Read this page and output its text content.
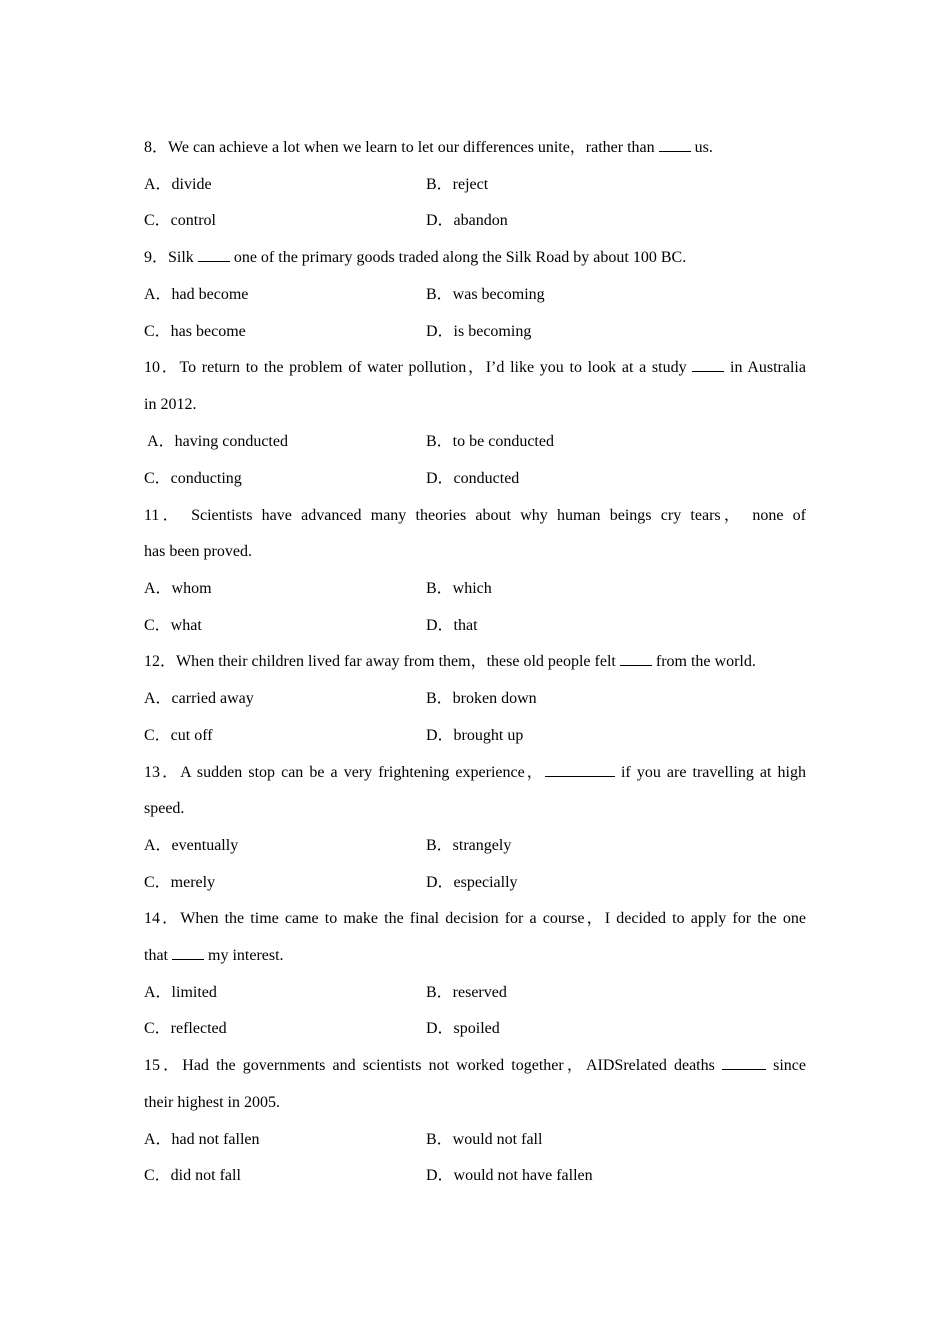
8．We can achieve a lot when we learn to let our differences unite，rather than  us.
A．divide	B．reject
C．control	D．abandon
9．Silk  one of the primary goods traded along the Silk Road by about 100 BC.
A．had become	B．was becoming
C．has become	D．is becoming
10．To return to the problem of water pollution，I’d like you to look at a study  in Australia
in 2012.
A．having conducted	B．to be conducted
C．conducting	D．conducted
11． Scientists have advanced many theories about why human beings cry tears， none of
has been proved.
A．whom	B．which
C．what	D．that
12．When their children lived far away from them，these old people felt  from the world.
A．carried away	B．broken down
C．cut off	D．brought up
13．A sudden stop can be a very frightening experience，	if you are travelling at high
speed.
A．eventually	B．strangely
C．merely	D．especially
14．When the time came to make the final decision for a course，I decided to apply for the one
that  my interest.
A．limited	B．reserved
C．reflected	D．spoiled
15．Had the governments and scientists not worked together，AIDSrelated deaths	since
their highest in 2005.
A．had not fallen	B．would not fall
C．did not fall	D．would not have fallen
